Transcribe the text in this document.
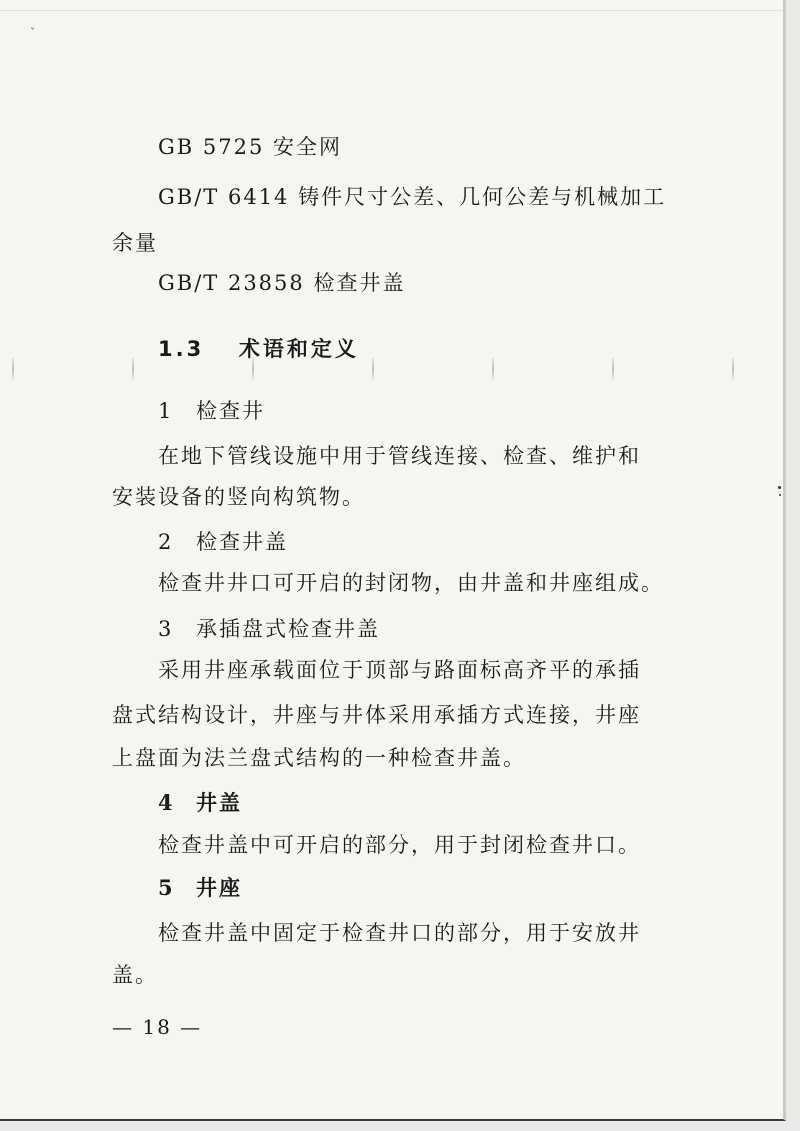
ˇ
GB 5725 安全网
GB/T 6414 铸件尺寸公差、几何公差与机械加工
余量
GB/T 23858 检查井盖
1.3 术语和定义
1 检查井
在地下管线设施中用于管线连接、检查、维护和
安装设备的竖向构筑物。
2 检查井盖
检查井井口可开启的封闭物，由井盖和井座组成。
3 承插盘式检查井盖
采用井座承载面位于顶部与路面标高齐平的承插
盘式结构设计，井座与井体采用承插方式连接，井座
上盘面为法兰盘式结构的一种检查井盖。
4 井盖
检查井盖中可开启的部分，用于封闭检查井口。
5 井座
检查井盖中固定于检查井口的部分，用于安放井
盖。
— 18 —
